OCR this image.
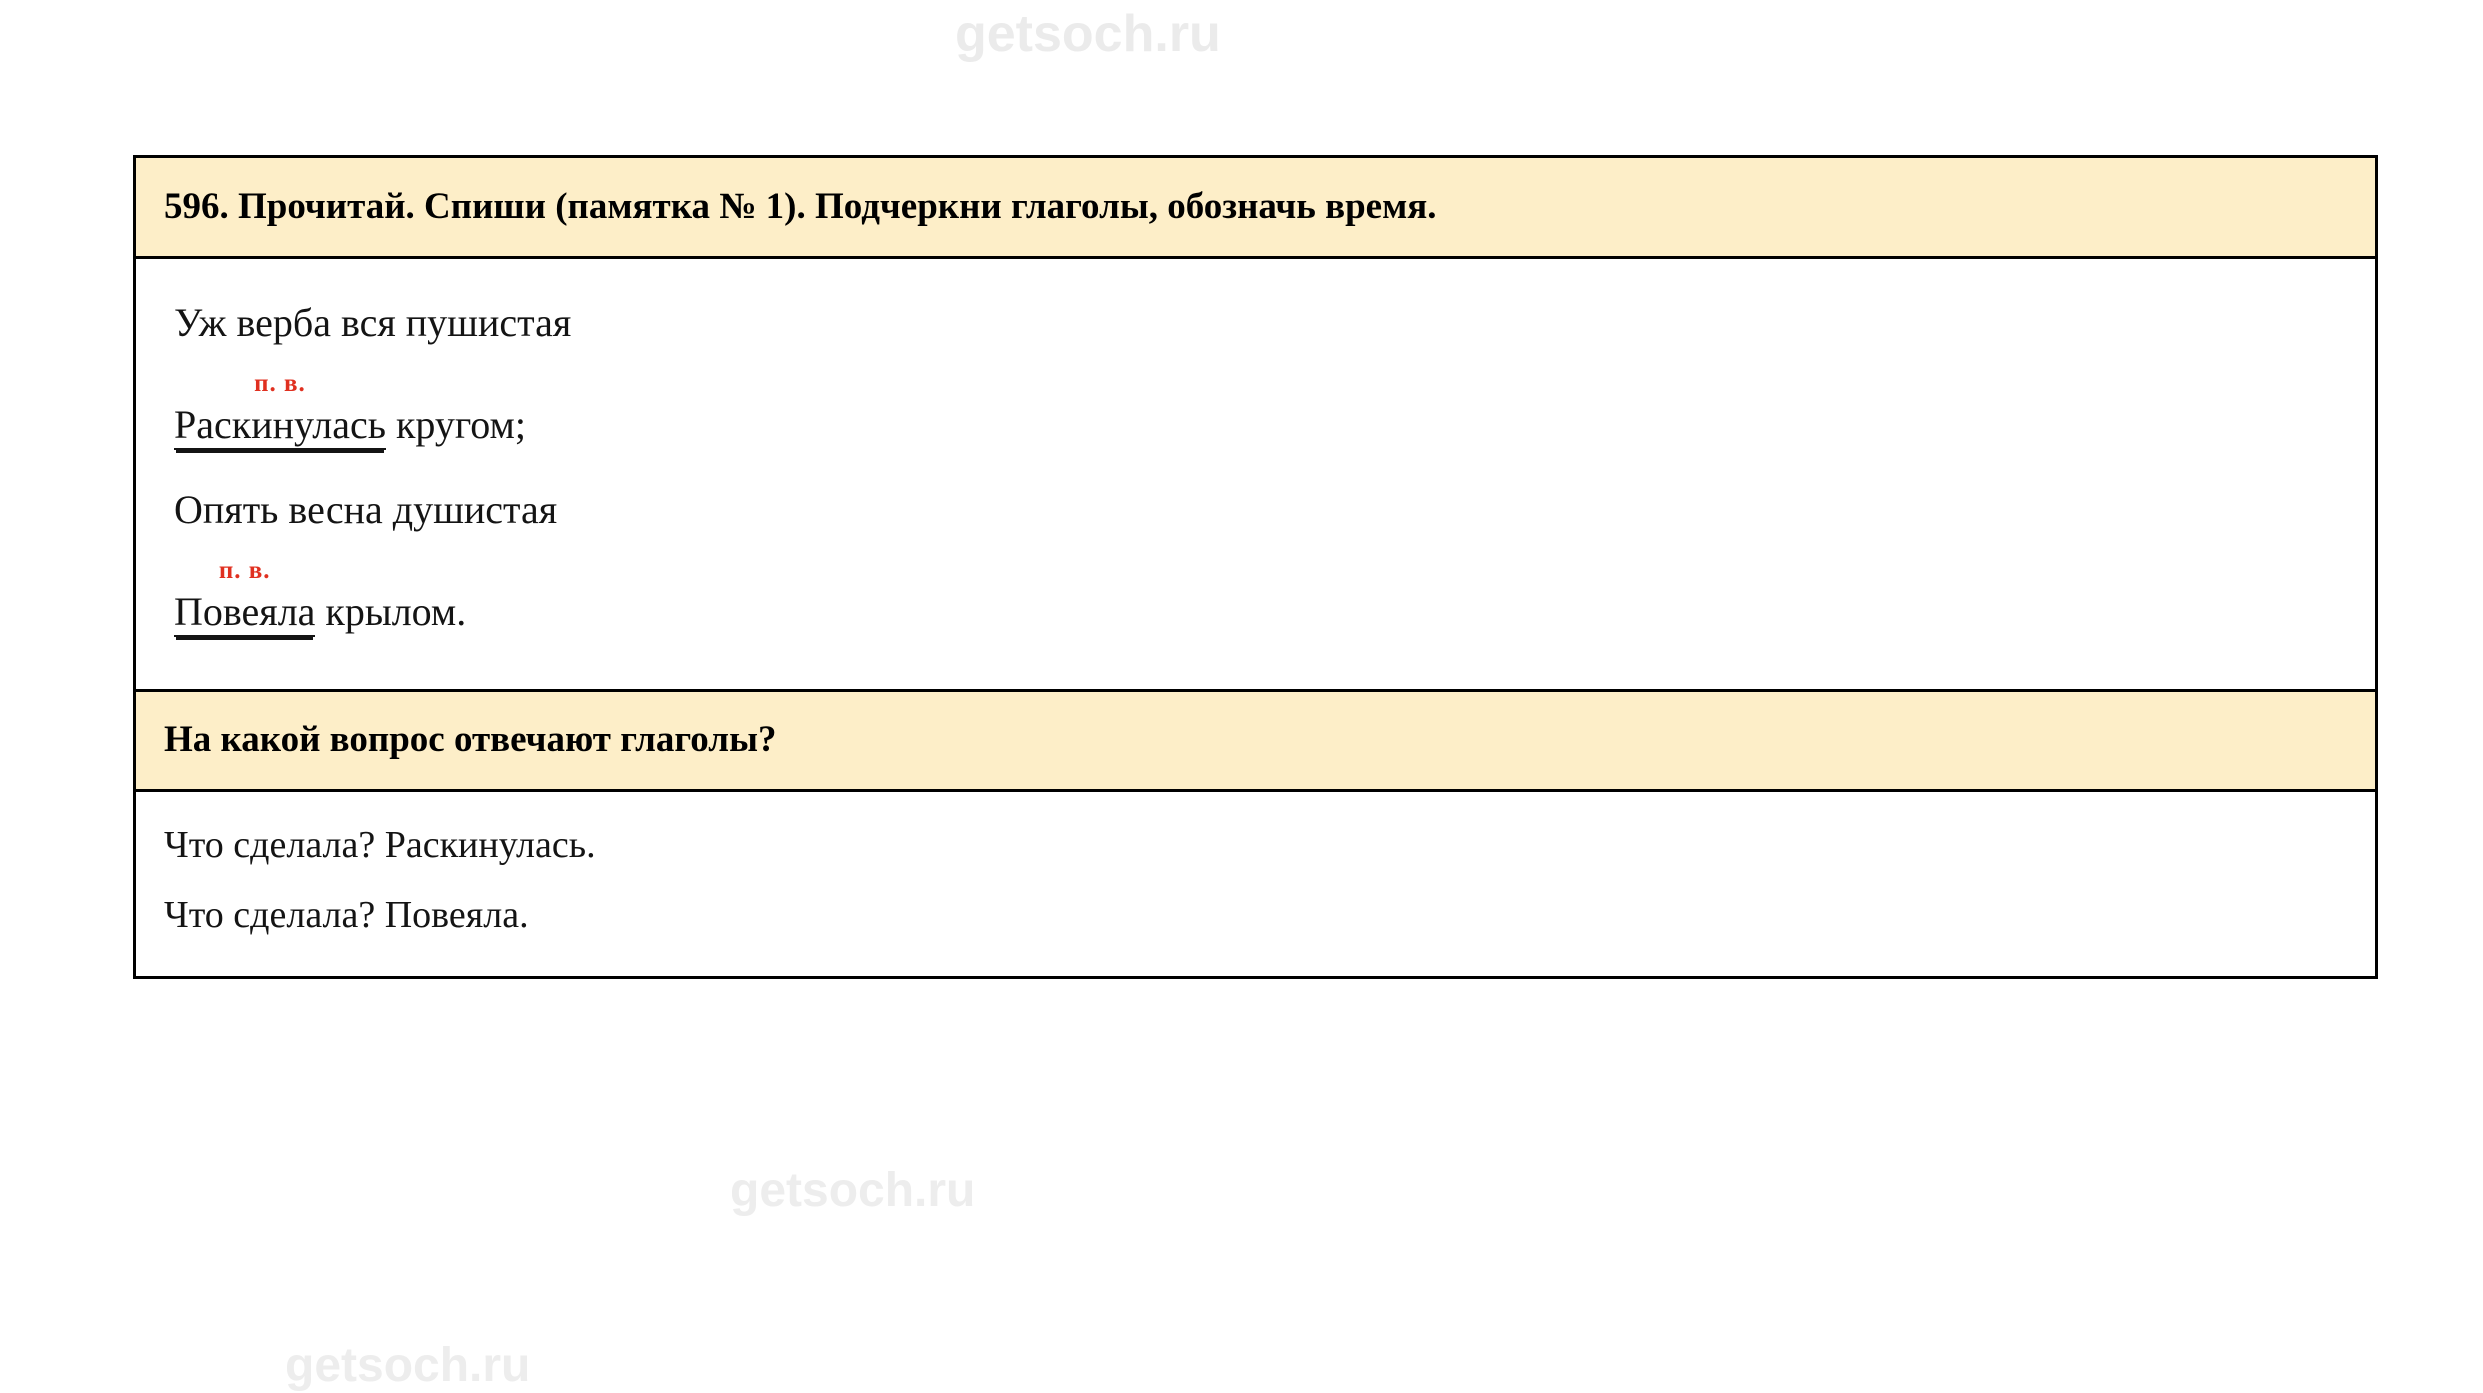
getsoch.ru
getsoch.ru
getsoch.ru
596. Прочитай. Спиши (памятка № 1). Подчеркни глаголы, обозначь время.
Уж верба вся пушистая
п. в.
Раскинулась кругом;
Опять весна душистая
п. в.
Повеяла крылом.
На какой вопрос отвечают глаголы?
Что сделала? Раскинулась.
Что сделала? Повеяла.
